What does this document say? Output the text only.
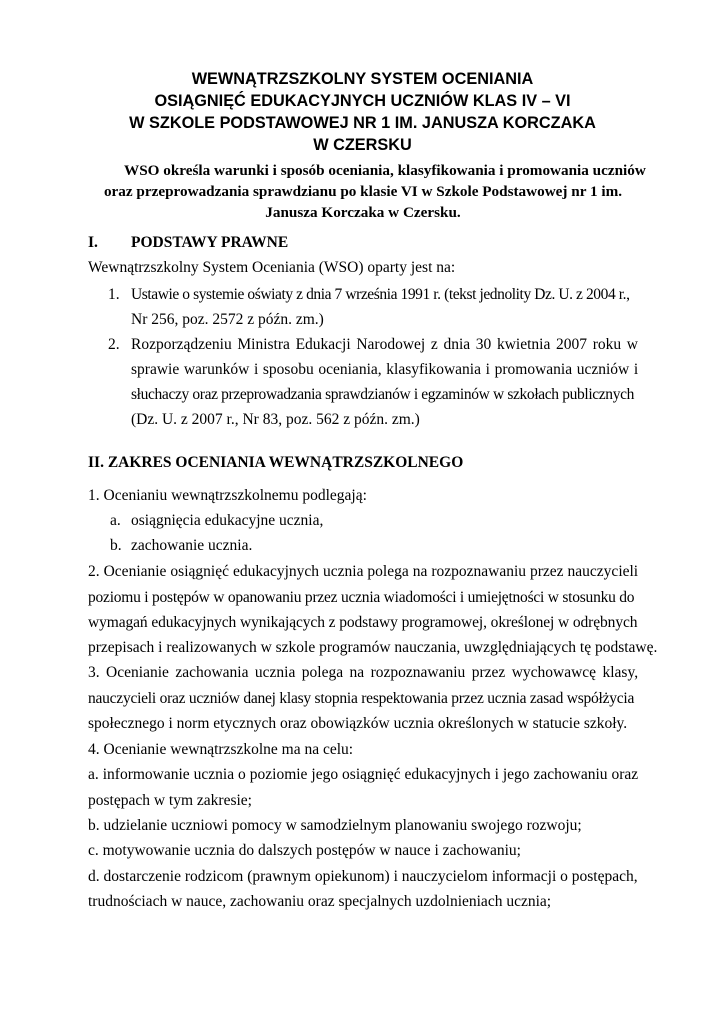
WEWNĄTRZSZKOLNY SYSTEM OCENIANIA
OSIĄGNIĘĆ EDUKACYJNYCH UCZNIÓW KLAS IV – VI
W SZKOLE PODSTAWOWEJ NR 1 IM. JANUSZA KORCZAKA
W CZERSKU
WSO określa warunki i sposób oceniania, klasyfikowania i promowania uczniów
oraz przeprowadzania sprawdzianu po klasie VI w Szkole Podstawowej nr 1 im.
Janusza Korczaka w Czersku.
I. PODSTAWY PRAWNE
Wewnątrzszkolny System Oceniania (WSO) oparty jest na:
1. Ustawie o systemie oświaty z dnia 7 września 1991 r. (tekst jednolity Dz. U. z 2004 r.,
Nr 256, poz. 2572 z późn. zm.)
2. Rozporządzeniu Ministra Edukacji Narodowej z dnia 30 kwietnia 2007 roku w
sprawie warunków i sposobu oceniania, klasyfikowania i promowania uczniów i
słuchaczy oraz przeprowadzania sprawdzianów i egzaminów w szkołach publicznych
(Dz. U. z 2007 r., Nr 83, poz. 562 z późn. zm.)
II. ZAKRES OCENIANIA WEWNĄTRZSZKOLNEGO
1. Ocenianiu wewnątrzszkolnemu podlegają:
a. osiągnięcia edukacyjne ucznia,
b. zachowanie ucznia.
2. Ocenianie osiągnięć edukacyjnych ucznia polega na rozpoznawaniu przez nauczycieli
poziomu i postępów w opanowaniu przez ucznia wiadomości i umiejętności w stosunku do
wymagań edukacyjnych wynikających z podstawy programowej, określonej w odrębnych
przepisach i realizowanych w szkole programów nauczania, uwzględniających tę podstawę.
3. Ocenianie zachowania ucznia polega na rozpoznawaniu przez wychowawcę klasy,
nauczycieli oraz uczniów danej klasy stopnia respektowania przez ucznia zasad współżycia
społecznego i norm etycznych oraz obowiązków ucznia określonych w statucie szkoły.
4. Ocenianie wewnątrzszkolne ma na celu:
a. informowanie ucznia o poziomie jego osiągnięć edukacyjnych i jego zachowaniu oraz
postępach w tym zakresie;
b. udzielanie uczniowi pomocy w samodzielnym planowaniu swojego rozwoju;
c. motywowanie ucznia do dalszych postępów w nauce i zachowaniu;
d. dostarczenie rodzicom (prawnym opiekunom) i nauczycielom informacji o postępach,
trudnościach w nauce, zachowaniu oraz specjalnych uzdolnieniach ucznia;
